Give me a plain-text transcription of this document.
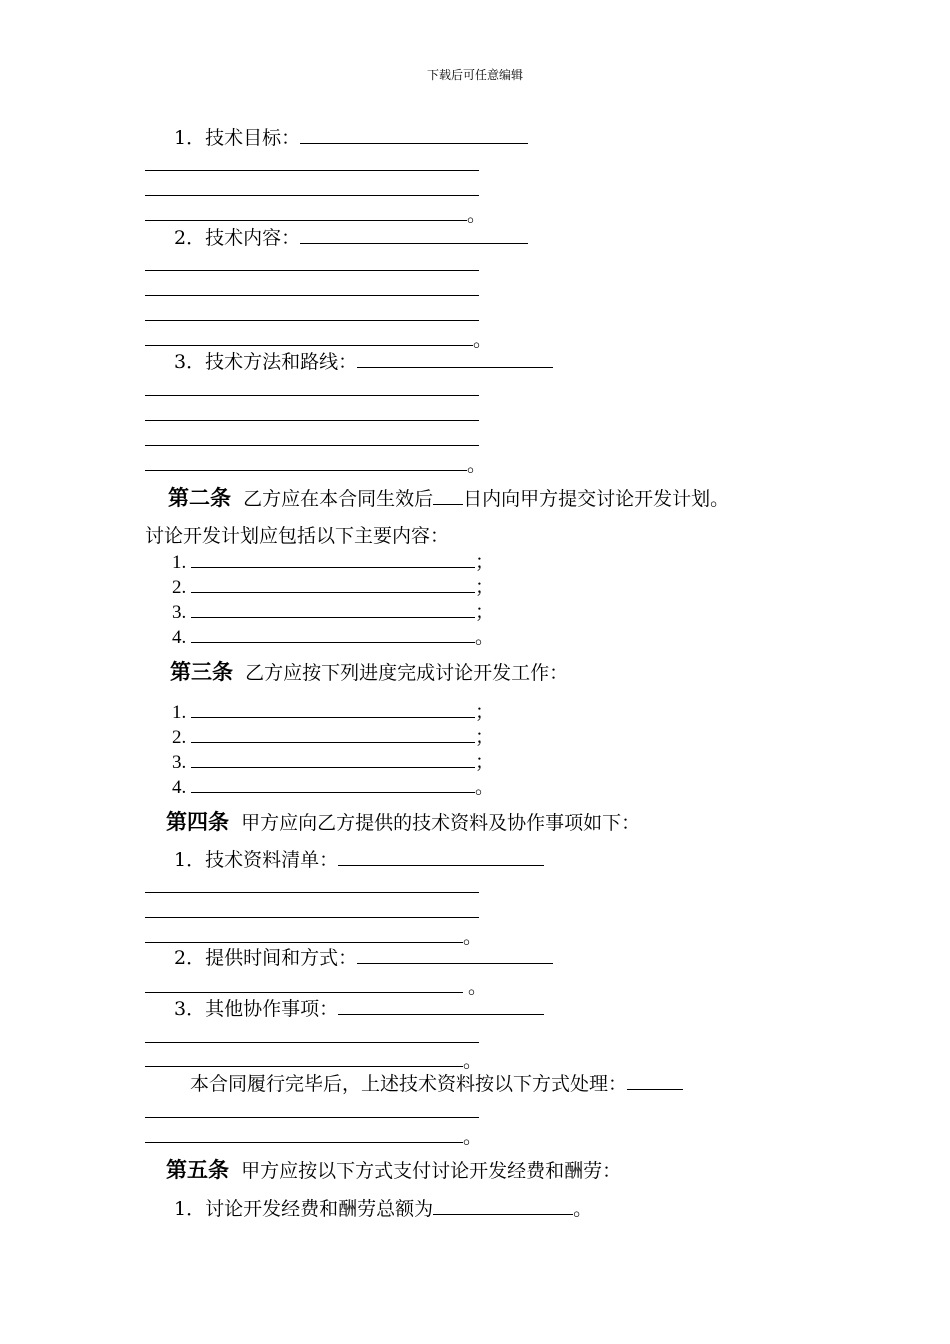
下载后可任意编辑
1．技术目标：
。
2．技术内容：
。
3．技术方法和路线：
。
第二条 乙方应在本合同生效后 日内向甲方提交讨论开发计划。
讨论开发计划应包括以下主要内容：
1.	；
2.	；
3.	；
4.	。
第三条 乙方应按下列进度完成讨论开发工作：
1.	；
2.	；
3.	；
4.	。
第四条 甲方应向乙方提供的技术资料及协作事项如下：
1．技术资料清单：
。
2．提供时间和方式：
。
3．其他协作事项：
。
本合同履行完毕后，上述技术资料按以下方式处理：
。
第五条 甲方应按以下方式支付讨论开发经费和酬劳：
1．讨论开发经费和酬劳总额为	。
